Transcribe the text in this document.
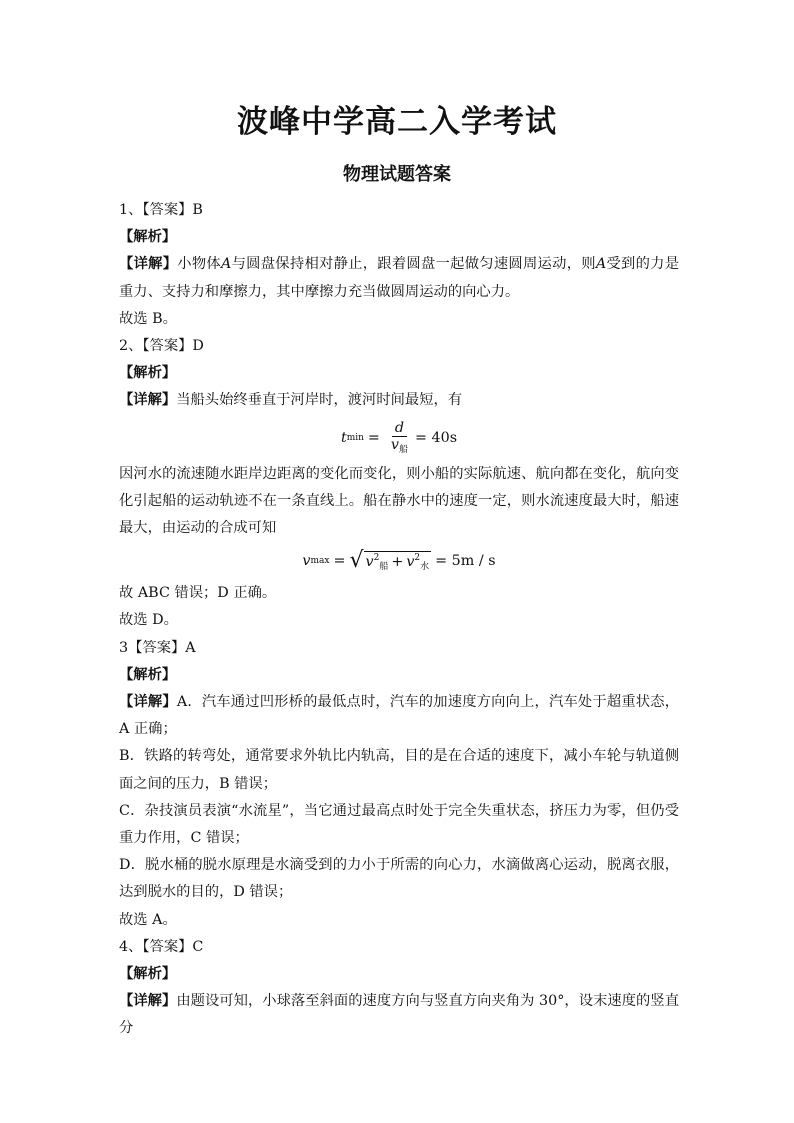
波峰中学高二入学考试
物理试题答案

1、【答案】B

【解析】

【详解】小物体A与圆盘保持相对静止，跟着圆盘一起做匀速圆周运动，则A受到的力是重力、支持力和摩擦力，其中摩擦力充当做圆周运动的向心力。

故选 B。

2、【答案】D

【解析】

【详解】当船头始终垂直于河岸时，渡河时间最短，有

t $\min = \frac{d}{v_船} = 40s$

因河水的流速随水距岸边距离的变化而变化，则小船的实际航速、航向都在变化，航向变化引起船的运动轨迹不在一条直线上。船在静水中的速度一定，则水流速度最大时，船速最大，由运动的合成可知

v max = √ $v^2_船 + v^2_水 = 5m / s$

故 ABC 错误；D 正确。

故选 D。

3【答案】A

【解析】

【详解】A．汽车通过凹形桥的最低点时，汽车的加速度方向向上，汽车处于超重状态，A 正确；

B．铁路的转弯处，通常要求外轨比内轨高，目的是在合适的速度下，减小车轮与轨道侧面之间的压力，B 错误；

C．杂技演员表演“水流星”，当它通过最高点时处于完全失重状态，挤压力为零，但仍受重力作用，C 错误；

D．脱水桶的脱水原理是水滴受到的力小于所需的向心力，水滴做离心运动，脱离衣服，达到脱水的目的，D 错误；

故选 A。

4、【答案】C

【解析】

【详解】由题设可知，小球落至斜面的速度方向与竖直方向夹角为 30°，设末速度的竖直分
